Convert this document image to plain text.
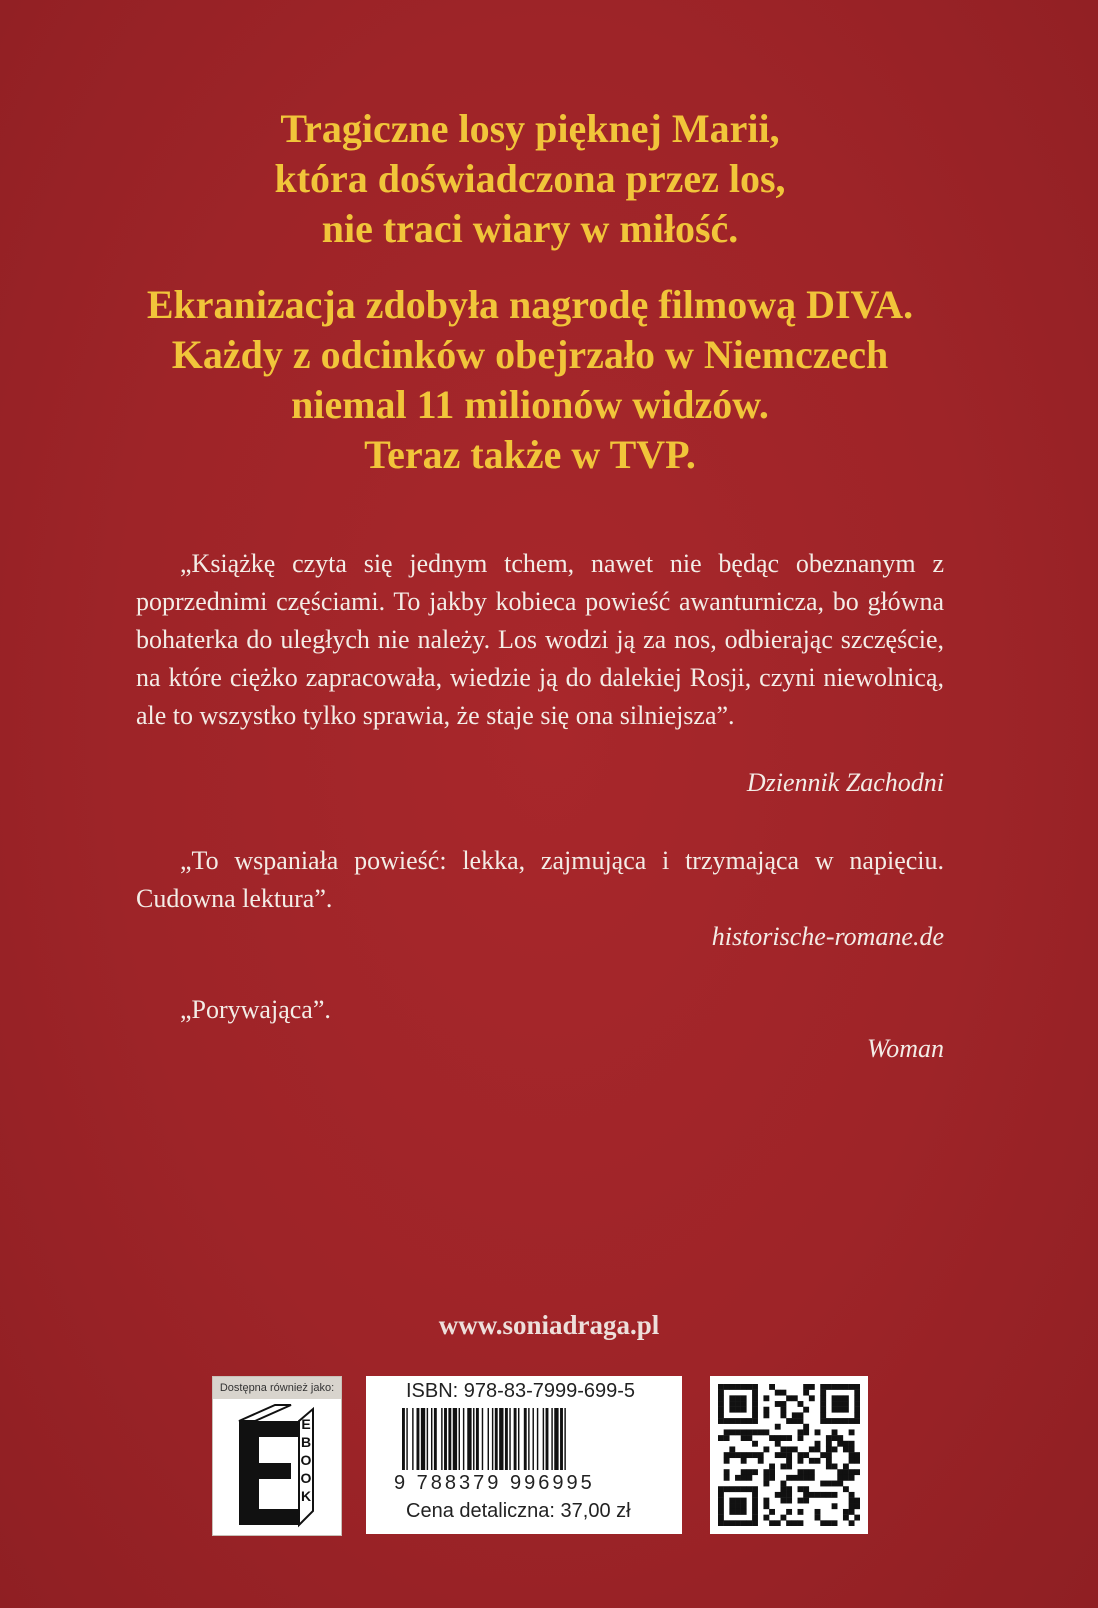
Tragiczne losy pięknej Marii,
która doświadczona przez los,
nie traci wiary w miłość.
Ekranizacja zdobyła nagrodę filmową DIVA.
Każdy z odcinków obejrzało w Niemczech
niemal 11 milionów widzów.
Teraz także w TVP.

„Książkę czyta się jednym tchem, nawet nie będąc obeznanym z poprzednimi częściami. To jakby kobieca powieść awanturnicza, bo główna bohaterka do uległych nie należy. Los wodzi ją za nos, odbierając szczęście, na które ciężko zapracowała, wiedzie ją do dalekiej Rosji, czyni niewolnicą, ale to wszystko tylko sprawia, że staje się ona silniejsza”.

Dziennik Zachodni

„To wspaniała powieść: lekka, zajmująca i trzymająca w napięciu. Cudowna lektura”.

historische-romane.de

„Porywająca”.

Woman
www.soniadraga.pl
Dostępna również jako:
E B O O K
ISBN: 978-83-7999-699-5
9 788379 996995
Cena detaliczna: 37,00 zł
